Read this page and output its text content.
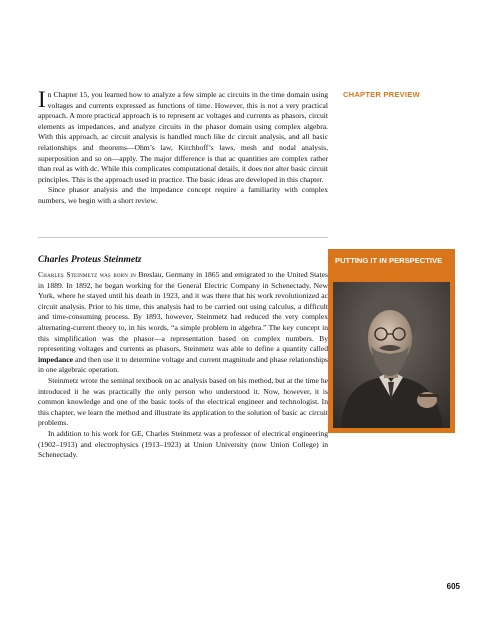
In Chapter 15, you learned how to analyze a few simple ac circuits in the time domain using voltages and currents expressed as functions of time. However, this is not a very practical approach. A more practical approach is to represent ac voltages and currents as phasors, circuit elements as impedances, and analyze circuits in the phasor domain using complex algebra. With this approach, ac circuit analysis is handled much like dc circuit analysis, and all basic relationships and theorems—Ohm’s law, Kirchhoff’s laws, mesh and nodal analysis, superposition and so on—apply. The major difference is that ac quantities are complex rather than real as with dc. While this complicates computational details, it does not alter basic circuit principles. This is the approach used in practice. The basic ideas are developed in this chapter.

Since phasor analysis and the impedance concept require a familiarity with complex numbers, we begin with a short review.

CHAPTER PREVIEW
Charles Proteus Steinmetz

Charles Steinmetz was born in Breslau, Germany in 1865 and emigrated to the United States in 1889. In 1892, he began working for the General Electric Company in Schenectady, New York, where he stayed until his death in 1923, and it was there that his work revolutionized ac circuit analysis. Prior to his time, this analysis had to be carried out using calculus, a difficult and time-consuming process. By 1893, however, Steinmetz had reduced the very complex alternating-current theory to, in his words, “a simple problem in algebra.” The key concept in this simplification was the phasor—a representation based on complex numbers. By representing voltages and currents as phasors, Steinmetz was able to define a quantity called impedance and then use it to determine voltage and current magnitude and phase relationships in one algebraic operation.

Steinmetz wrote the seminal textbook on ac analysis based on his method, but at the time he introduced it he was practically the only person who understood it. Now, however, it is common knowledge and one of the basic tools of the electrical engineer and technologist. In this chapter, we learn the method and illustrate its application to the solution of basic ac circuit problems.

In addition to his work for GE, Charles Steinmetz was a professor of electrical engineering (1902–1913) and electrophysics (1913–1923) at Union University (now Union College) in Schenectady.

PUTTING IT IN PERSPECTIVE
605
